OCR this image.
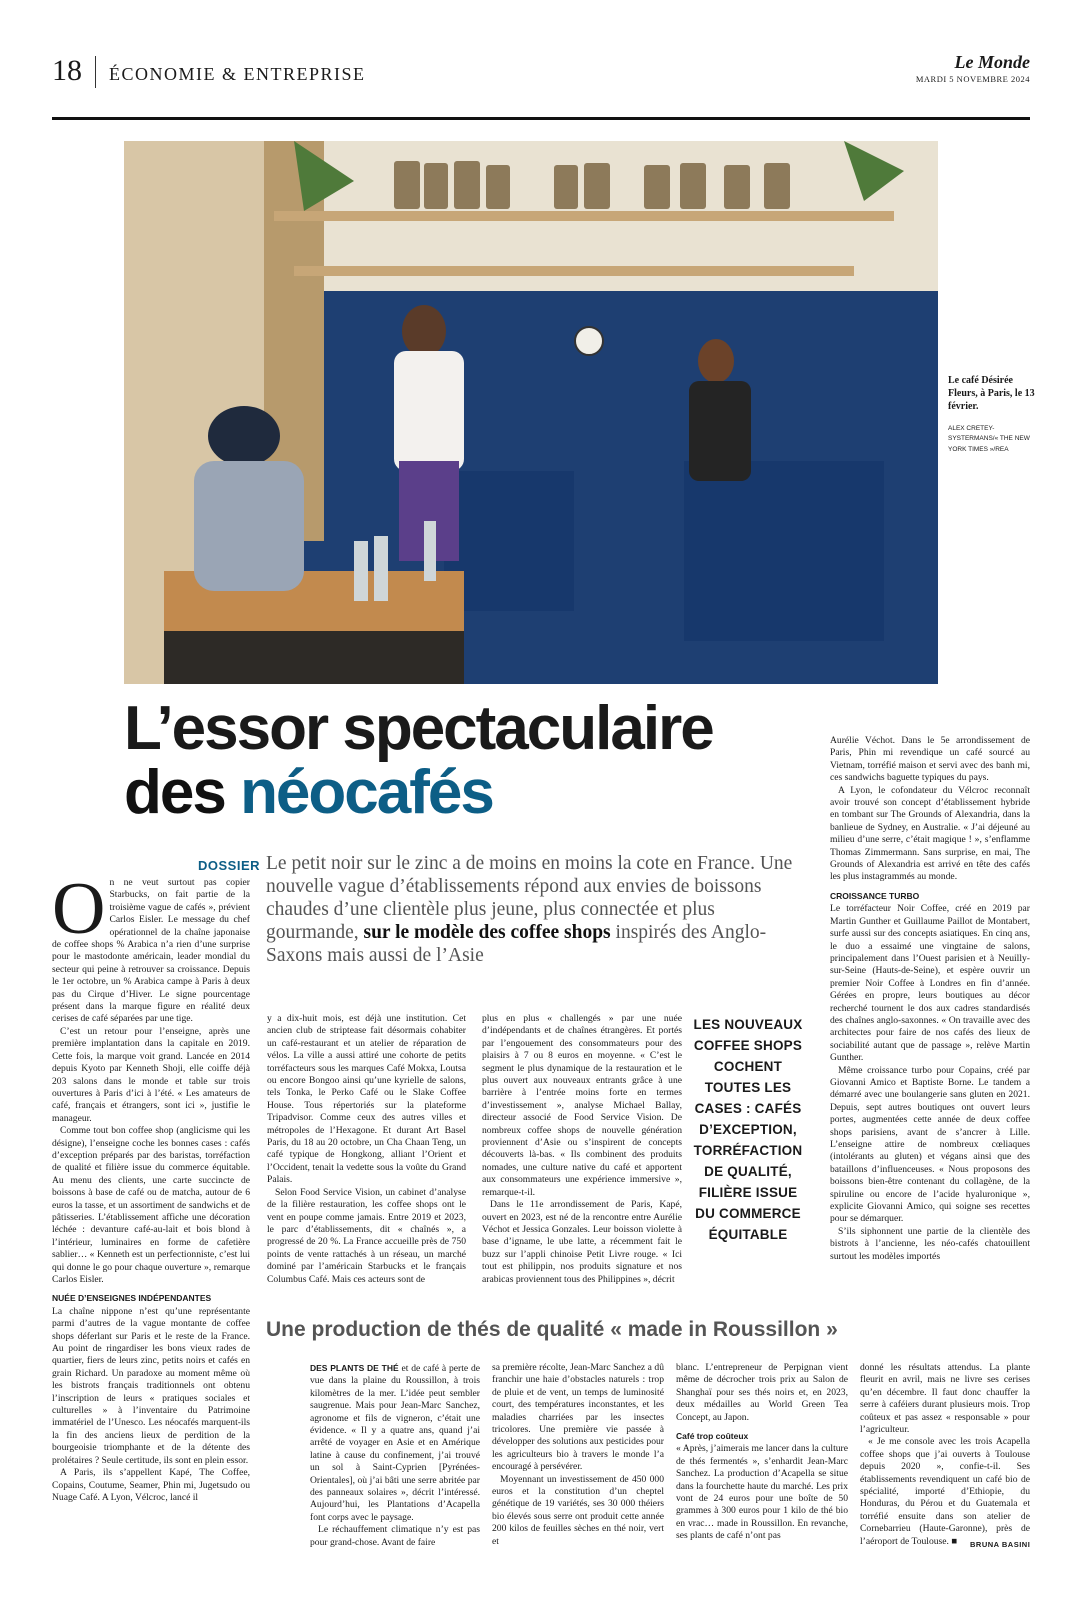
18 ÉCONOMIE & ENTREPRISE
Le Monde
MARDI 5 NOVEMBRE 2024
Le café Désirée Fleurs, à Paris, le 13 février.
ALEX CRETEY-SYSTERMANS/« THE NEW YORK TIMES »/REA
L’essor spectaculaire
des néocafés
DOSSIER Le petit noir sur le zinc a de moins en moins la cote en France. Une nouvelle vague d’établissements répond aux envies de boissons chaudes d’une clientèle plus jeune, plus connectée et plus gourmande, sur le modèle des coffee shops inspirés des Anglo-Saxons mais aussi de l’Asie
O n ne veut surtout pas copier Starbucks, on fait partie de la troisième vague de cafés », prévient Carlos Eisler. Le message du chef opérationnel de la chaîne japonaise de coffee shops % Arabica n’a rien d’une surprise pour le mastodonte américain, leader mondial du secteur qui peine à retrouver sa croissance. Depuis le 1er octobre, un % Arabica campe à Paris à deux pas du Cirque d’Hiver. Le signe pourcentage présent dans la marque figure en réalité deux cerises de café séparées par une tige.

C’est un retour pour l’enseigne, après une première implantation dans la capitale en 2019. Cette fois, la marque voit grand. Lancée en 2014 depuis Kyoto par Kenneth Shoji, elle coiffe déjà 203 salons dans le monde et table sur trois ouvertures à Paris d’ici à l’été. « Les amateurs de café, français et étrangers, sont ici », justifie le manageur.

Comme tout bon coffee shop (anglicisme qui les désigne), l’enseigne coche les bonnes cases : cafés d’exception préparés par des baristas, torréfaction de qualité et filière issue du commerce équitable. Au menu des clients, une carte succincte de boissons à base de café ou de matcha, autour de 6 euros la tasse, et un assortiment de sandwichs et de pâtisseries. L’établissement affiche une décoration léchée : devanture café-au-lait et bois blond à l’intérieur, luminaires en forme de cafetière sablier… « Kenneth est un perfectionniste, c’est lui qui donne le go pour chaque ouverture », remarque Carlos Eisler.

NUÉE D’ENSEIGNES INDÉPENDANTES

La chaîne nippone n’est qu’une représentante parmi d’autres de la vague montante de coffee shops déferlant sur Paris et le reste de la France. Au point de ringardiser les bons vieux rades de quartier, fiers de leurs zinc, petits noirs et cafés en grain Richard. Un paradoxe au moment même où les bistrots français traditionnels ont obtenu l’inscription de leurs « pratiques sociales et culturelles » à l’inventaire du Patrimoine immatériel de l’Unesco. Les néocafés marquent-ils la fin des anciens lieux de perdition de la bourgeoisie triomphante et de la détente des prolétaires ? Seule certitude, ils sont en plein essor.

A Paris, ils s’appellent Kapé, The Coffee, Copains, Coutume, Seamer, Phin mi, Jugetsudo ou Nuage Café. A Lyon, Vélcroc, lancé il

y a dix-huit mois, est déjà une institution. Cet ancien club de striptease fait désormais cohabiter un café-restaurant et un atelier de réparation de vélos. La ville a aussi attiré une cohorte de petits torréfacteurs sous les marques Café Mokxa, Loutsa ou encore Bongoo ainsi qu’une kyrielle de salons, tels Tonka, le Perko Café ou le Slake Coffee House. Tous répertoriés sur la plateforme Tripadvisor. Comme ceux des autres villes et métropoles de l’Hexagone. Et durant Art Basel Paris, du 18 au 20 octobre, un Cha Chaan Teng, un café typique de Hongkong, alliant l’Orient et l’Occident, tenait la vedette sous la voûte du Grand Palais.

Selon Food Service Vision, un cabinet d’analyse de la filière restauration, les coffee shops ont le vent en poupe comme jamais. Entre 2019 et 2023, le parc d’établissements, dit « chaînés », a progressé de 20 %. La France accueille près de 750 points de vente rattachés à un réseau, un marché dominé par l’américain Starbucks et le français Columbus Café. Mais ces acteurs sont de

plus en plus « challengés » par une nuée d’indépendants et de chaînes étrangères. Et portés par l’engouement des consommateurs pour des plaisirs à 7 ou 8 euros en moyenne. « C’est le segment le plus dynamique de la restauration et le plus ouvert aux nouveaux entrants grâce à une barrière à l’entrée moins forte en termes d’investissement », analyse Michael Ballay, directeur associé de Food Service Vision. De nombreux coffee shops de nouvelle génération proviennent d’Asie ou s’inspirent de concepts découverts là-bas. « Ils combinent des produits nomades, une culture native du café et apportent aux consommateurs une expérience immersive », remarque-t-il.

Dans le 11e arrondissement de Paris, Kapé, ouvert en 2023, est né de la rencontre entre Aurélie Véchot et Jessica Gonzales. Leur boisson violette à base d’igname, le ube latte, a récemment fait le buzz sur l’appli chinoise Petit Livre rouge. « Ici tout est philippin, nos produits signature et nos arabicas proviennent tous des Philippines », décrit

LES NOUVEAUX COFFEE SHOPS COCHENT TOUTES LES CASES : CAFÉS D’EXCEPTION, TORRÉFACTION DE QUALITÉ, FILIÈRE ISSUE DU COMMERCE ÉQUITABLE

Aurélie Véchot. Dans le 5e arrondissement de Paris, Phin mi revendique un café sourcé au Vietnam, torréfié maison et servi avec des banh mi, ces sandwichs baguette typiques du pays.

A Lyon, le cofondateur du Vélcroc reconnaît avoir trouvé son concept d’établissement hybride en tombant sur The Grounds of Alexandria, dans la banlieue de Sydney, en Australie. « J’ai déjeuné au milieu d’une serre, c’était magique ! », s’enflamme Thomas Zimmermann. Sans surprise, en mai, The Grounds of Alexandria est arrivé en tête des cafés les plus instagrammés au monde.

CROISSANCE TURBO

Le torréfacteur Noir Coffee, créé en 2019 par Martin Gunther et Guillaume Paillot de Montabert, surfe aussi sur des concepts asiatiques. En cinq ans, le duo a essaimé une vingtaine de salons, principalement dans l’Ouest parisien et à Neuilly-sur-Seine (Hauts-de-Seine), et espère ouvrir un premier Noir Coffee à Londres en fin d’année. Gérées en propre, leurs boutiques au décor recherché tournent le dos aux cadres standardisés des chaînes anglo-saxonnes. « On travaille avec des architectes pour faire de nos cafés des lieux de sociabilité autant que de passage », relève Martin Gunther.

Même croissance turbo pour Copains, créé par Giovanni Amico et Baptiste Borne. Le tandem a démarré avec une boulangerie sans gluten en 2021. Depuis, sept autres boutiques ont ouvert leurs portes, augmentées cette année de deux coffee shops parisiens, avant de s’ancrer à Lille. L’enseigne attire de nombreux cœliaques (intolérants au gluten) et végans ainsi que des bataillons d’influenceuses. « Nous proposons des boissons bien-être contenant du collagène, de la spiruline ou encore de l’acide hyaluronique », explicite Giovanni Amico, qui soigne ses recettes pour se démarquer.

S’ils siphonnent une partie de la clientèle des bistrots à l’ancienne, les néo-cafés chatouillent surtout les modèles importés

Une production de thés de qualité « made in Roussillon »

DES PLANTS DE THÉ et de café à perte de vue dans la plaine du Roussillon, à trois kilomètres de la mer. L’idée peut sembler saugrenue. Mais pour Jean-Marc Sanchez, agronome et fils de vigneron, c’était une évidence. « Il y a quatre ans, quand j’ai arrêté de voyager en Asie et en Amérique latine à cause du confinement, j’ai trouvé un sol à Saint-Cyprien [Pyrénées-Orientales], où j’ai bâti une serre abritée par des panneaux solaires », décrit l’intéressé. Aujourd’hui, les Plantations d’Acapella font corps avec le paysage.

Le réchauffement climatique n’y est pas pour grand-chose. Avant de faire

sa première récolte, Jean-Marc Sanchez a dû franchir une haie d’obstacles naturels : trop de pluie et de vent, un temps de luminosité court, des températures inconstantes, et les maladies charriées par les insectes tricolores. Une première vie passée à développer des solutions aux pesticides pour les agriculteurs bio à travers le monde l’a encouragé à persévérer.

Moyennant un investissement de 450 000 euros et la constitution d’un cheptel génétique de 19 variétés, ses 30 000 théiers bio élevés sous serre ont produit cette année 200 kilos de feuilles sèches en thé noir, vert et

blanc. L’entrepreneur de Perpignan vient même de décrocher trois prix au Salon de Shanghaï pour ses thés noirs et, en 2023, deux médailles au World Green Tea Concept, au Japon.

Café trop coûteux

« Après, j’aimerais me lancer dans la culture de thés fermentés », s’enhardit Jean-Marc Sanchez. La production d’Acapella se situe dans la fourchette haute du marché. Les prix vont de 24 euros pour une boîte de 50 grammes à 300 euros pour 1 kilo de thé bio en vrac… made in Roussillon. En revanche, ses plants de café n’ont pas

donné les résultats attendus. La plante fleurit en avril, mais ne livre ses cerises qu’en décembre. Il faut donc chauffer la serre à caféiers durant plusieurs mois. Trop coûteux et pas assez « responsable » pour l’agriculteur.

« Je me console avec les trois Acapella coffee shops que j’ai ouverts à Toulouse depuis 2020 », confie-t-il. Ses établissements revendiquent un café bio de spécialité, importé d’Ethiopie, du Honduras, du Pérou et du Guatemala et torréfié ensuite dans son atelier de Cornebarrieu (Haute-Garonne), près de l’aéroport de Toulouse. ■	BRUNA BASINI
